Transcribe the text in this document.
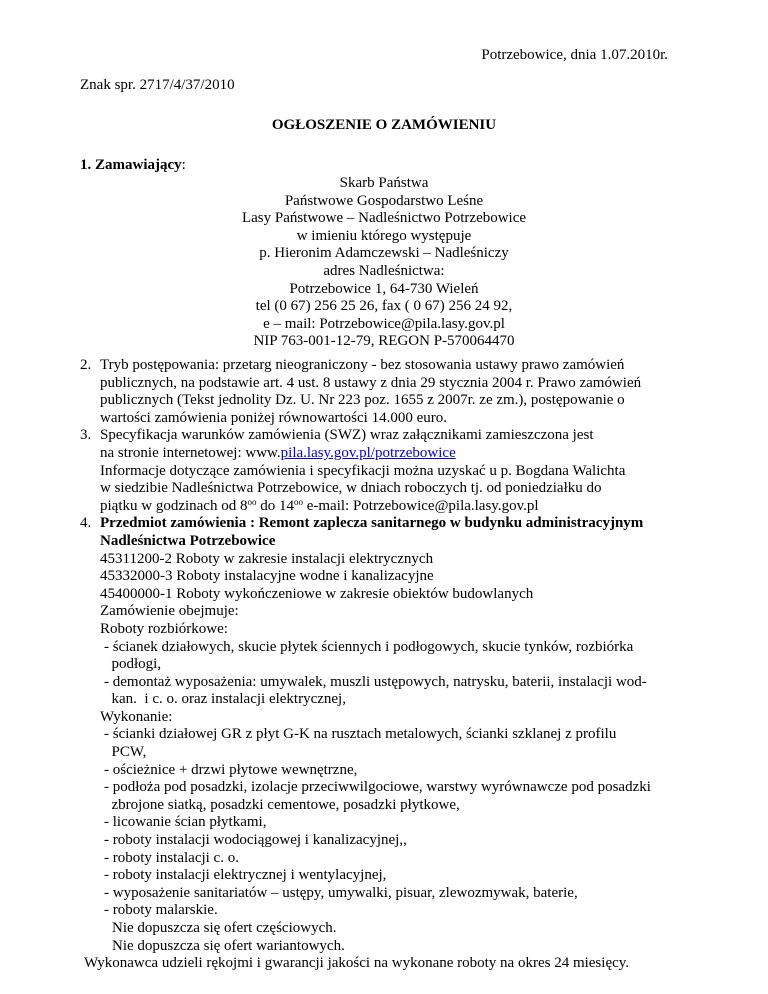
Potrzebowice, dnia 1.07.2010r.
Znak spr. 2717/4/37/2010
OGŁOSZENIE O ZAMÓWIENIU
1. Zamawiający:
Skarb Państwa
Państwowe Gospodarstwo Leśne
Lasy Państwowe – Nadleśnictwo Potrzebowice
w imieniu którego występuje
p. Hieronim Adamczewski – Nadleśniczy
adres Nadleśnictwa:
Potrzebowice 1, 64-730 Wieleń
tel (0 67) 256 25 26, fax ( 0 67) 256 24 92,
e – mail: Potrzebowice@pila.lasy.gov.pl
NIP 763-001-12-79, REGON P-570064470
2. Tryb postępowania: przetarg nieograniczony - bez stosowania ustawy prawo zamówień
publicznych, na podstawie art. 4 ust. 8 ustawy z dnia 29 stycznia 2004 r. Prawo zamówień
publicznych (Tekst jednolity Dz. U. Nr 223 poz. 1655 z 2007r. ze zm.), postępowanie o
wartości zamówienia poniżej równowartości 14.000 euro.
3. Specyfikacja warunków zamówienia (SWZ) wraz załącznikami zamieszczona jest
na stronie internetowej: www.pila.lasy.gov.pl/potrzebowice
Informacje dotyczące zamówienia i specyfikacji można uzyskać u p. Bogdana Walichta
w siedzibie Nadleśnictwa Potrzebowice, w dniach roboczych tj. od poniedziałku do
piątku w godzinach od $8^{oo}$ do $14^{oo}$ e-mail: Potrzebowice@pila.lasy.gov.pl
4. Przedmiot zamówienia : Remont zaplecza sanitarnego w budynku administracyjnym
Nadleśnictwa Potrzebowice
45311200-2 Roboty w zakresie instalacji elektrycznych
45332000-3 Roboty instalacyjne wodne i kanalizacyjne
45400000-1 Roboty wykończeniowe w zakresie obiektów budowlanych
Zamówienie obejmuje:
Roboty rozbiórkowe:
- ścianek działowych, skucie płytek ściennych i podłogowych, skucie tynków, rozbiórka
podłogi,
- demontaż wyposażenia: umywalek, muszli ustępowych, natrysku, baterii, instalacji wod-
kan.  i c. o. oraz instalacji elektrycznej,
Wykonanie:
- ścianki działowej GR z płyt G-K na rusztach metalowych, ścianki szklanej z profilu
PCW,
- ościeżnice + drzwi płytowe wewnętrzne,
- podłoża pod posadzki, izolacje przeciwwilgociowe, warstwy wyrównawcze pod posadzki
zbrojone siatką, posadzki cementowe, posadzki płytkowe,
- licowanie ścian płytkami,
- roboty instalacji wodociągowej i kanalizacyjnej,,
- roboty instalacji c. o.
- roboty instalacji elektrycznej i wentylacyjnej,
- wyposażenie sanitariatów – ustępy, umywalki, pisuar, zlewozmywak, baterie,
- roboty malarskie.
Nie dopuszcza się ofert częściowych.
Nie dopuszcza się ofert wariantowych.
Wykonawca udzieli rękojmi i gwarancji jakości na wykonane roboty na okres 24 miesięcy.
